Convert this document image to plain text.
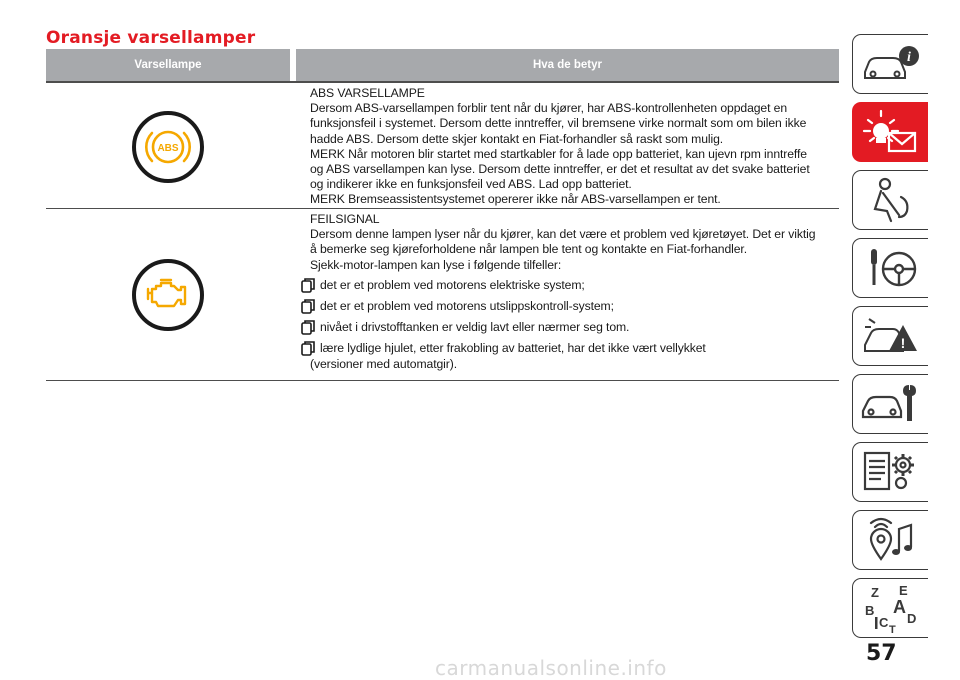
Oransje varsellamper
Varsellampe	Hva de betyr
ABS

ABS VARSELLAMPE

Dersom ABS-varsellampen forblir tent når du kjører, har ABS-kontrollenheten oppdaget en

funksjonsfeil i systemet. Dersom dette inntreffer, vil bremsene virke normalt som om bilen ikke

hadde ABS. Dersom dette skjer kontakt en Fiat-forhandler så raskt som mulig.

MERK Når motoren blir startet med startkabler for å lade opp batteriet, kan ujevn rpm inntreffe

og ABS varsellampen kan lyse. Dersom dette inntreffer, er det et resultat av det svake batteriet

og indikerer ikke en funksjonsfeil ved ABS. Lad opp batteriet.

MERK Bremseassistentsystemet opererer ikke når ABS-varsellampen er tent.

FEILSIGNAL

Dersom denne lampen lyser når du kjører, kan det være et problem ved kjøretøyet. Det er viktig

å bemerke seg kjøreforholdene når lampen ble tent og kontakte en Fiat-forhandler.

Sjekk-motor-lampen kan lyse i følgende tilfeller:

det er et problem ved motorens elektriske system;
det er et problem ved motorens utslippskontroll-system;
nivået i drivstofftanken er veldig lavt eller nærmer seg tom.
lære lydlige hjulet, etter frakobling av batteriet, har det ikke vært vellykket

(versioner med automatgir).

i
!
Z E
B A
C D
T
57
carmanualsonline.info
